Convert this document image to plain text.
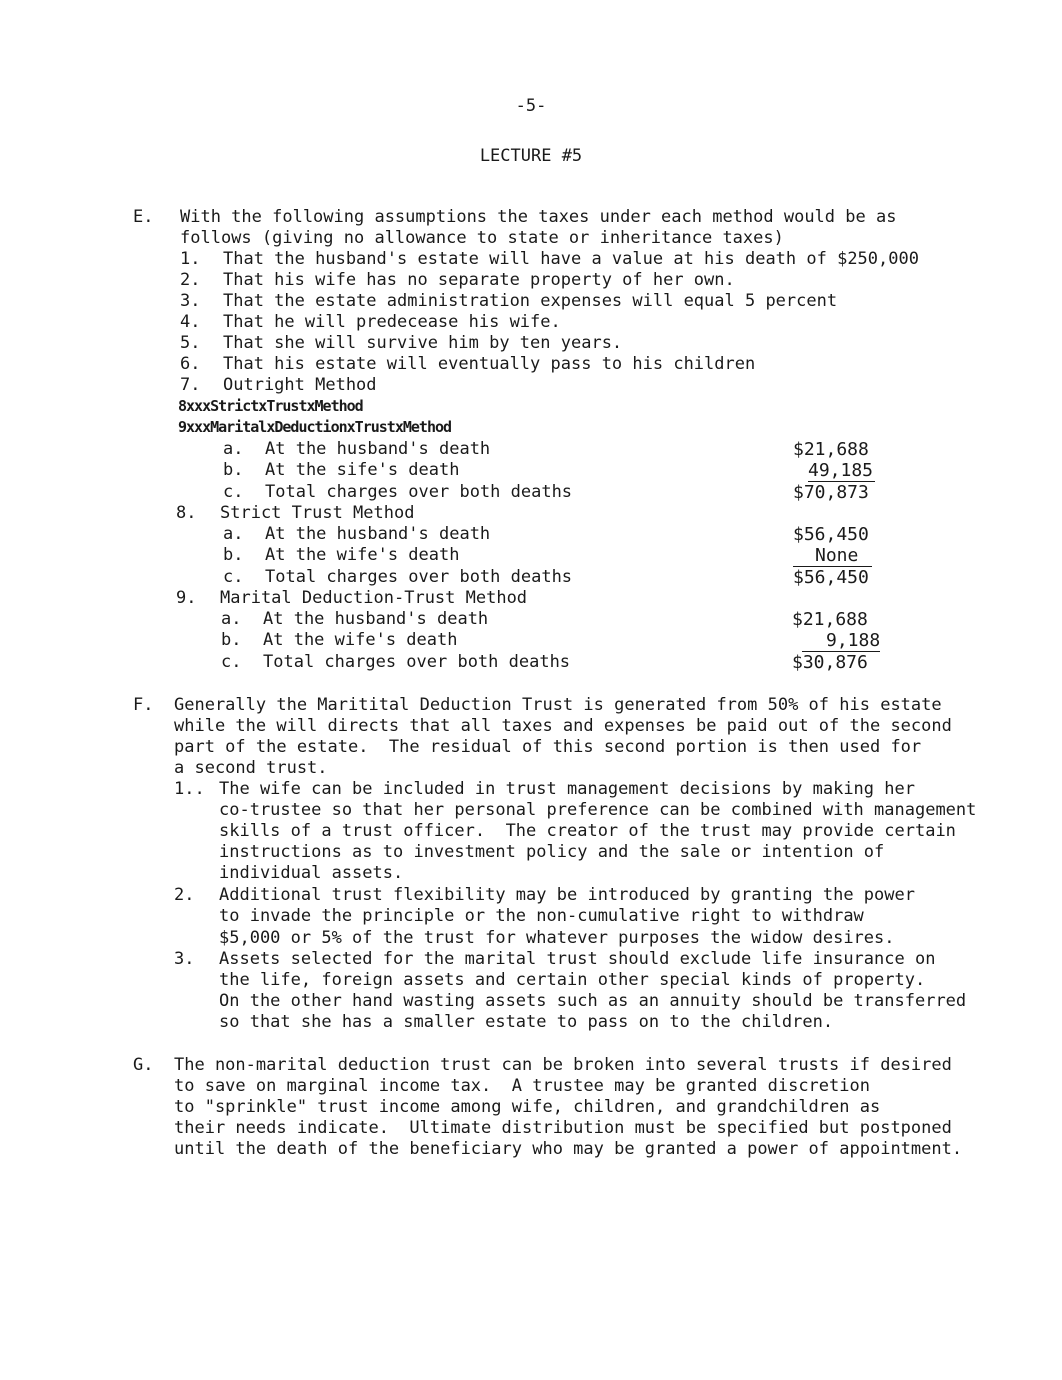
-5-
LECTURE #5
E. With the following assumptions the taxes under each method would be as
follows (giving no allowance to state or inheritance taxes)
1. That the husband's estate will have a value at his death of $250,000
2. That his wife has no separate property of her own.
3. That the estate administration expenses will equal 5 percent
4. That he will predecease his wife.
5. That she will survive him by ten years.
6. That his estate will eventually pass to his children
7. Outright Method
8xxxStrictxTrustxMethod
9xxxMaritalxDeductionxTrustxMethod
a. At the husband's death	$21,688
b. At the sife's death	49,185
c. Total charges over both deaths	$70,873
8. Strict Trust Method
a. At the husband's death	$56,450
b. At the wife's death	None
c. Total charges over both deaths	$56,450
9. Marital Deduction-Trust Method
a. At the husband's death	$21,688
b. At the wife's death	9,188
c. Total charges over both deaths	$30,876
F. Generally the Maritital Deduction Trust is generated from 50% of his estate
while the will directs that all taxes and expenses be paid out of the second
part of the estate.  The residual of this second portion is then used for
a second trust.
1.. The wife can be included in trust management decisions by making her
co-trustee so that her personal preference can be combined with management
skills of a trust officer.  The creator of the trust may provide certain
instructions as to investment policy and the sale or intention of
individual assets.
2. Additional trust flexibility may be introduced by granting the power
to invade the principle or the non-cumulative right to withdraw
$5,000 or 5% of the trust for whatever purposes the widow desires.
3. Assets selected for the marital trust should exclude life insurance on
the life, foreign assets and certain other special kinds of property.
On the other hand wasting assets such as an annuity should be transferred
so that she has a smaller estate to pass on to the children.
G. The non-marital deduction trust can be broken into several trusts if desired
to save on marginal income tax.  A trustee may be granted discretion
to "sprinkle" trust income among wife, children, and grandchildren as
their needs indicate.  Ultimate distribution must be specified but postponed
until the death of the beneficiary who may be granted a power of appointment.
